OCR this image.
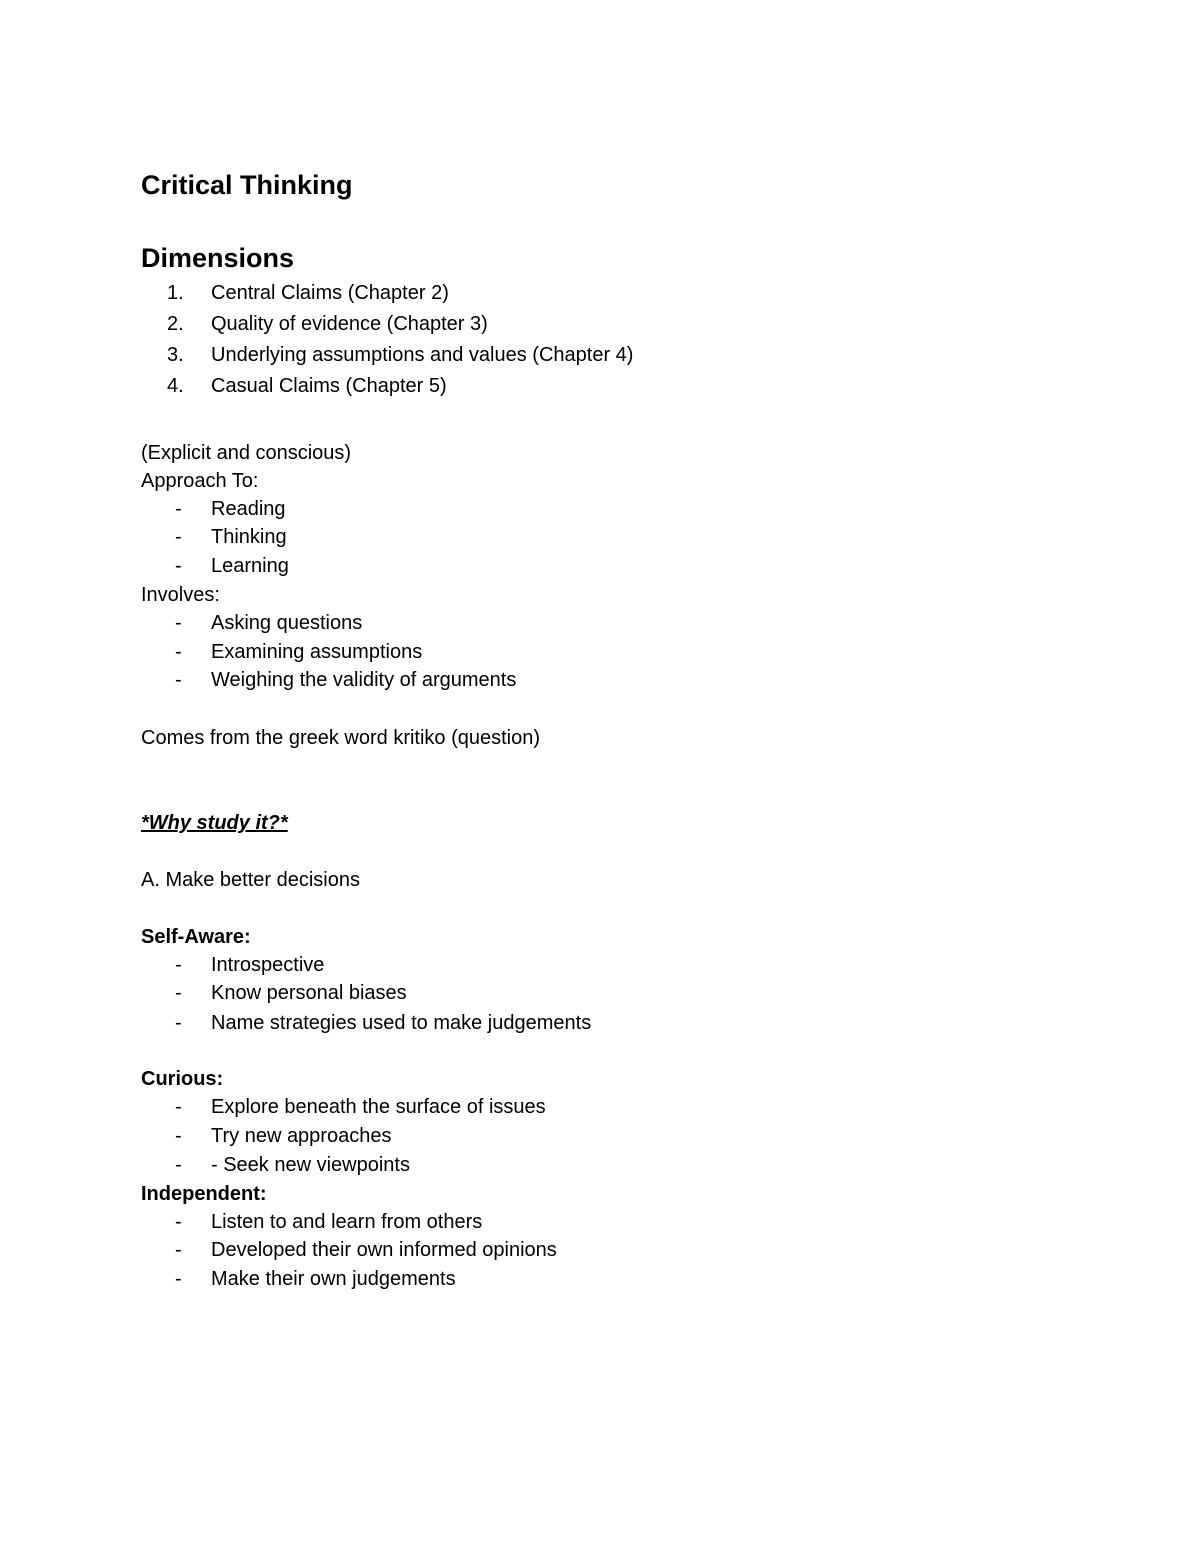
Critical Thinking
Dimensions
1.	Central Claims (Chapter 2)
2.	Quality of evidence (Chapter 3)
3.	Underlying assumptions and values (Chapter 4)
4.	Casual Claims (Chapter 5)
(Explicit and conscious)
Approach To:
- Reading
- Thinking
- Learning
Involves:
- Asking questions
- Examining assumptions
- Weighing the validity of arguments
Comes from the greek word kritiko (question)
*Why study it?*
A. Make better decisions
Self-Aware:
- Introspective
- Know personal biases
- Name strategies used to make judgements
Curious:
- Explore beneath the surface of issues
- Try new approaches
- - Seek new viewpoints
Independent:
- Listen to and learn from others
- Developed their own informed opinions
- Make their own judgements
